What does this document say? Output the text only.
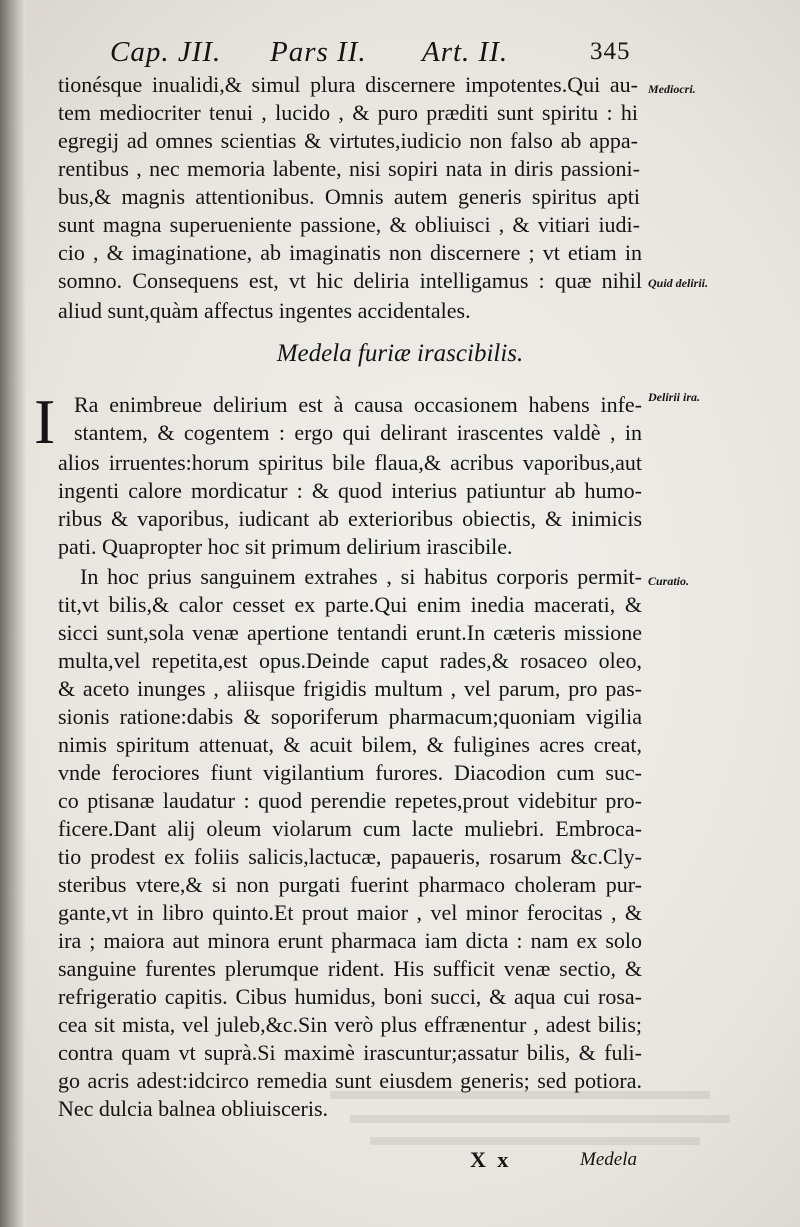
Cap. JII. Pars II. Art. II.	345
tionésque inualidi,& simul plura discernere impotentes.Qui au-
tem mediocriter tenui , lucido , & puro præditi sunt spiritu : hi
egregij ad omnes scientias & virtutes,iudicio non falso ab appa-
rentibus , nec memoria labente, nisi sopiri nata in diris passioni-
bus,& magnis attentionibus. Omnis autem generis spiritus apti
sunt magna superueniente passione, & obliuisci , & vitiari iudi-
cio , & imaginatione, ab imaginatis non discernere ; vt etiam in
somno. Consequens est, vt hic deliria intelligamus : quæ nihil
aliud sunt,quàm affectus ingentes accidentales.
Medela furiæ irascibilis.
I Ra enimbreue delirium est à causa occasionem habens infe-
stantem, & cogentem : ergo qui delirant irascentes valdè , in
alios irruentes:horum spiritus bile flaua,& acribus vaporibus,aut
ingenti calore mordicatur : & quod interius patiuntur ab humo-
ribus & vaporibus, iudicant ab exterioribus obiectis, & inimicis
pati. Quapropter hoc sit primum delirium irascibile.
In hoc prius sanguinem extrahes , si habitus corporis permit-
tit,vt bilis,& calor cesset ex parte.Qui enim inedia macerati, &
sicci sunt,sola venæ apertione tentandi erunt.In cæteris missione
multa,vel repetita,est opus.Deinde caput rades,& rosaceo oleo,
& aceto inunges , aliisque frigidis multum , vel parum, pro pas-
sionis ratione:dabis & soporiferum pharmacum;quoniam vigilia
nimis spiritum attenuat, & acuit bilem, & fuligines acres creat,
vnde ferociores fiunt vigilantium furores. Diacodion cum suc-
co ptisanæ laudatur : quod perendie repetes,prout videbitur pro-
ficere.Dant alij oleum violarum cum lacte muliebri. Embroca-
tio prodest ex foliis salicis,lactucæ, papaueris, rosarum &c.Cly-
steribus vtere,& si non purgati fuerint pharmaco choleram pur-
gante,vt in libro quinto.Et prout maior , vel minor ferocitas , &
ira ; maiora aut minora erunt pharmaca iam dicta : nam ex solo
sanguine furentes plerumque rident. His sufficit venæ sectio, &
refrigeratio capitis. Cibus humidus, boni succi, & aqua cui rosa-
cea sit mista, vel juleb,&c.Sin verò plus effrænentur , adest bilis;
contra quam vt suprà.Si maximè irascuntur;assatur bilis, & fuli-
go acris adest:idcirco remedia sunt eiusdem generis; sed potiora.
Nec dulcia balnea obliuisceris.
Mediocri.
Quid delirii.
Delirii ira.
Curatio.
X x	Medela
